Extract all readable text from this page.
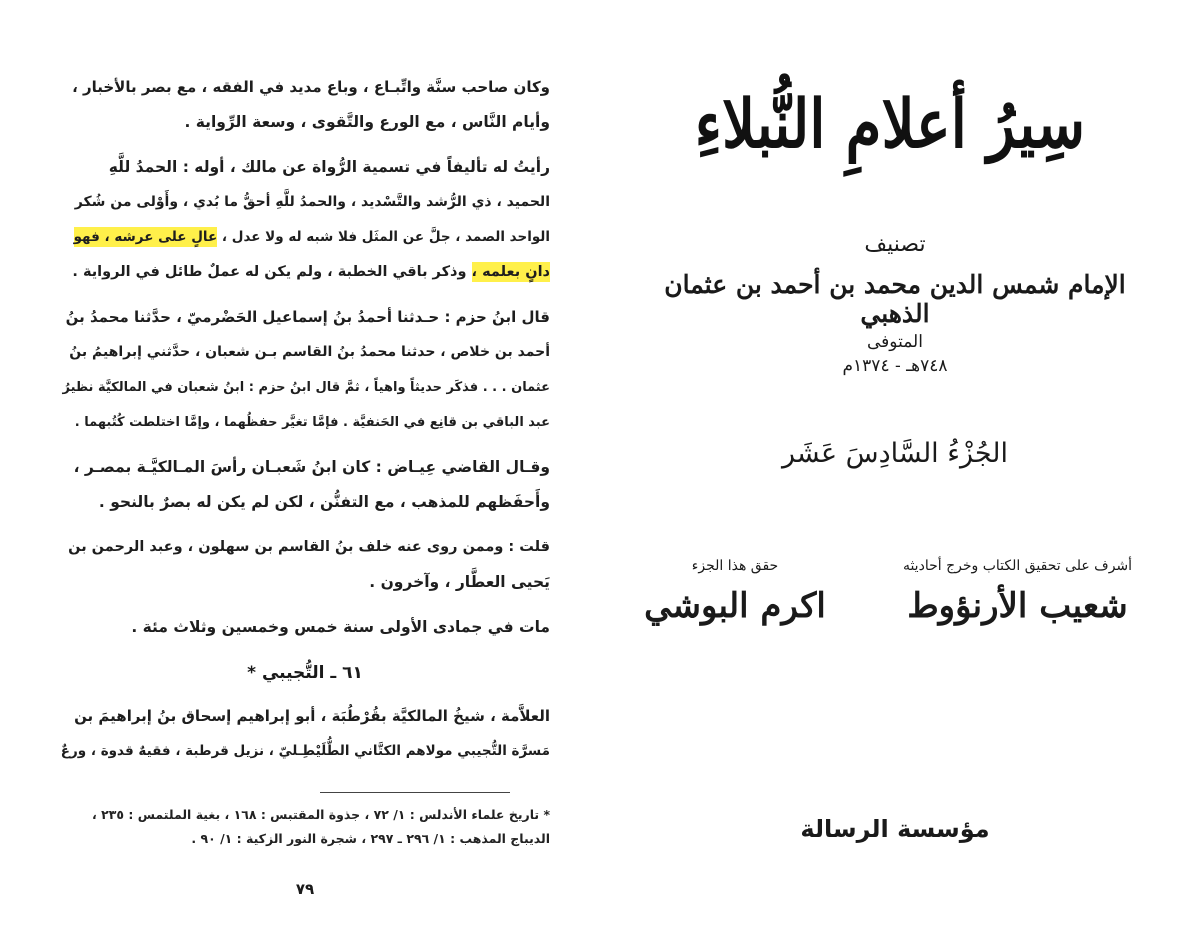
وكان صاحب سنَّة واتِّبـاع ، وباع مديد في الفقه ، مع بصر بالأخبار ،
وأيام النَّاس ، مع الورع والتَّقوى ، وسعة الرِّواية .
رأيتُ له تأليفاً في تسمية الرُّواة عن مالك ، أوله : الحمدُ للَّهِ
الحميد ، ذي الرُّشد والتَّسْديد ، والحمدُ للَّهِ أحقُّ ما بُدي ، وأَوْلى من شُكر
الواحد الصمد ، جلَّ عن المثَل فلا شبه له ولا عدل ، عالٍ على عرشه ، فهو
دانٍ بعلمه ، وذكر باقي الخطبة ، ولم يكن له عملٌ طائل في الرواية .
قال ابنُ حزم : حـدثنا أحمدُ بنُ إسماعيل الحَضْرميّ ، حدَّثنا محمدُ بنُ
أحمد بن خلاص ، حدثنا محمدُ بنُ القاسم بـن شعبان ، حدَّثني إبراهيمُ بنُ
عثمان . . . فذكَر حديثاً واهياً ، ثمَّ قال ابنُ حزم : ابنُ شعبان في المالكيَّة نظيرُ
عبد الباقي بن قانِع في الحَنفيَّة . فإمَّا تغيَّر حفظُهما ، وإمَّا اختلطت كُتُبهما .
وقـال القاضي عِيـاض : كان ابنُ شَعبـان رأسَ المـالكيَّـة بمصـر ،
وأَحفَظهم للمذهب ، مع التفنُّن ، لكن لم يكن له بصرٌ بالنحو .
قلت : وممن روى عنه خلف بنُ القاسم بن سهلون ، وعبد الرحمن بن
يَحيى العطَّار ، وآخرون .
مات في جمادى الأولى سنة خمس وخمسين وثلاث مئة .
٦١ ـ التُّجيبي *
العلاَّمة ، شيخُ المالكيَّة بقُرْطُبَة ، أبو إبراهيم إسحاق بنُ إبراهيمَ بن
مَسرَّة التُّجيبي مولاهم الكتَّاني الطُّلَيْطِـليّ ، نزيل قرطبة ، فقيهٌ قدوة ، ورعٌ
* تاريخ علماء الأندلس : ١/ ٧٢ ، جذوة المقتبس : ١٦٨ ، بغية الملتمس : ٢٣٥ ،
الديباج المذهب : ١/ ٢٩٦ ـ ٢٩٧ ، شجرة النور الزكية : ١/ ٩٠ .
٧٩
سِيرُ أعلامِ النُّبلاءِ
تصنيف
الإمام شمس الدين محمد بن أحمد بن عثمان الذهبي
المتوفى
٧٤٨هـ - ١٣٧٤م
الجُزْءُ السَّادِسَ عَشَر
أشرف على تحقيق الكتاب وخرج أحاديثه
شعيب الأرنؤوط
حقق هذا الجزء
اكرم البوشي
مؤسسة الرسالة
